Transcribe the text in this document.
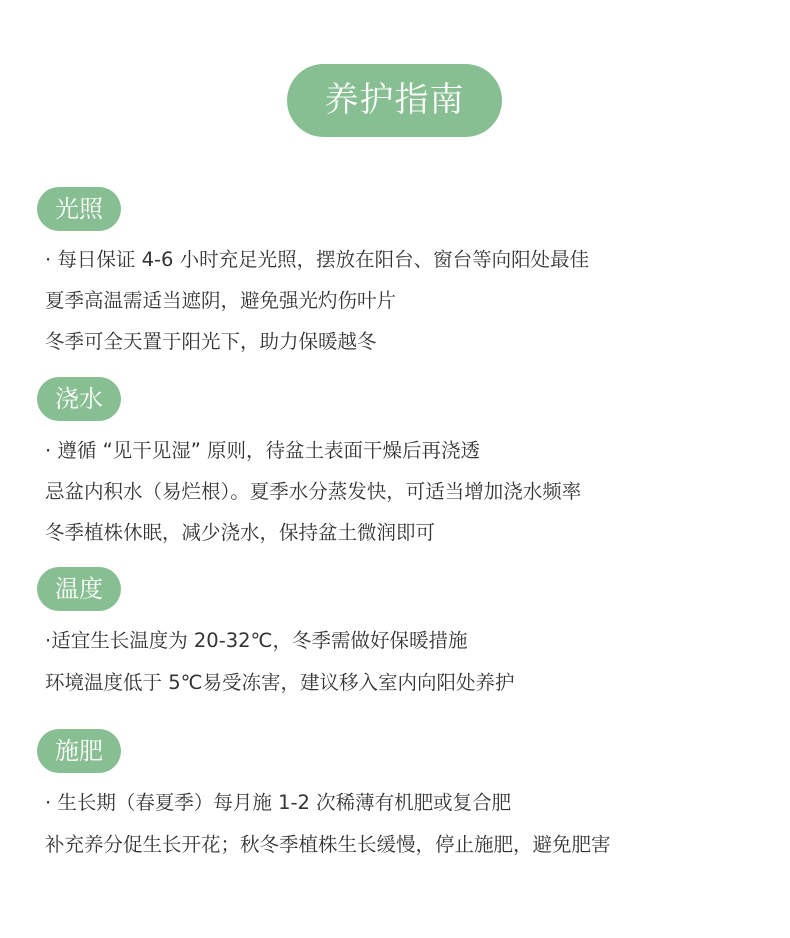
养护指南
光照
· 每日保证 4-6 小时充足光照，摆放在阳台、窗台等向阳处最佳
夏季高温需适当遮阴，避免强光灼伤叶片
冬季可全天置于阳光下，助力保暖越冬
浇水
· 遵循 “见干见湿” 原则，待盆土表面干燥后再浇透
忌盆内积水（易烂根）。夏季水分蒸发快，可适当增加浇水频率
冬季植株休眠，减少浇水，保持盆土微润即可
温度
·适宜生长温度为 20-32℃，冬季需做好保暖措施
环境温度低于 5℃易受冻害，建议移入室内向阳处养护
施肥
· 生长期（春夏季）每月施 1-2 次稀薄有机肥或复合肥
补充养分促生长开花；秋冬季植株生长缓慢，停止施肥，避免肥害
